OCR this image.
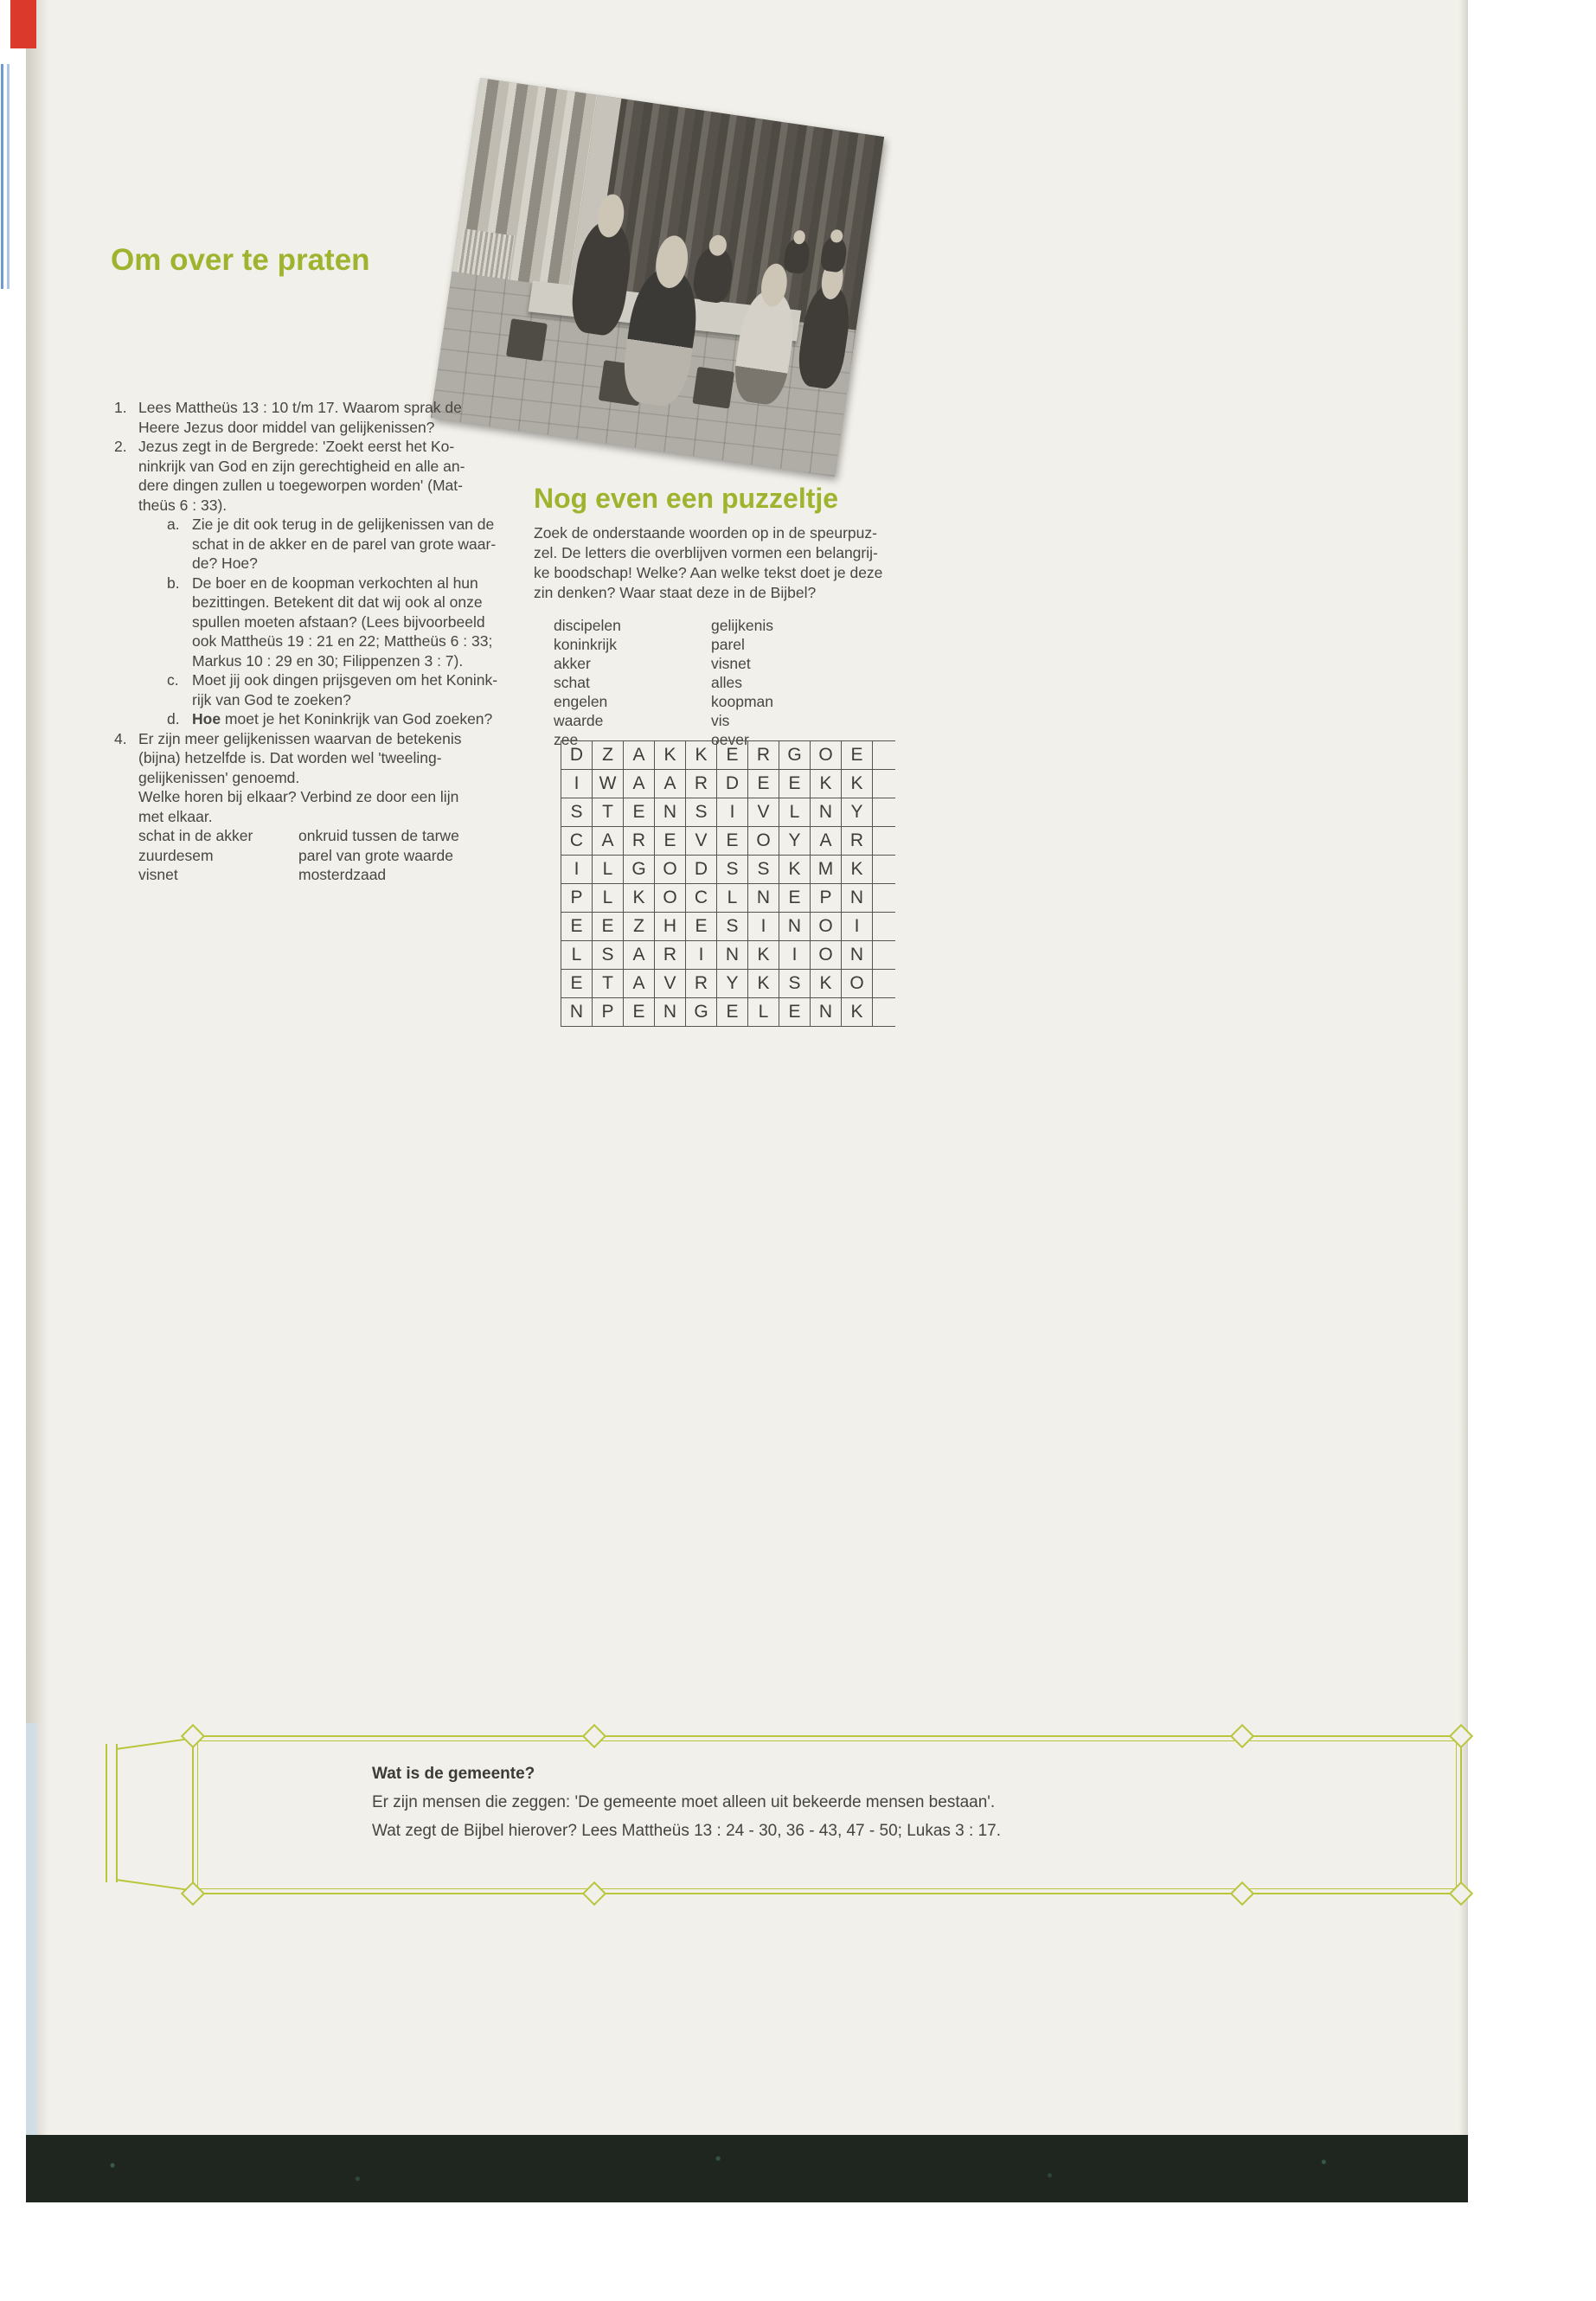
Om over te praten
1. Lees Mattheüs 13 : 10 t/m 17. Waarom sprak de
Heere Jezus door middel van gelijkenissen?
2. Jezus zegt in de Bergrede: 'Zoekt eerst het Ko-
ninkrijk van God en zijn gerechtigheid en alle an-
dere dingen zullen u toegeworpen worden' (Mat-
theüs 6 : 33).
a. Zie je dit ook terug in de gelijkenissen van de
schat in de akker en de parel van grote waar-
de? Hoe?
b. De boer en de koopman verkochten al hun
bezittingen. Betekent dit dat wij ook al onze
spullen moeten afstaan? (Lees bijvoorbeeld
ook Mattheüs 19 : 21 en 22; Mattheüs 6 : 33;
Markus 10 : 29 en 30; Filippenzen 3 : 7).
c. Moet jij ook dingen prijsgeven om het Konink-
rijk van God te zoeken?
d. Hoe moet je het Koninkrijk van God zoeken?
4. Er zijn meer gelijkenissen waarvan de betekenis
(bijna) hetzelfde is. Dat worden wel 'tweeling-
gelijkenissen' genoemd.
Welke horen bij elkaar? Verbind ze door een lijn
met elkaar.
schat in de akker	onkruid tussen de tarwe
zuurdesem	parel van grote waarde
visnet	mosterdzaad
Nog even een puzzeltje
Zoek de onderstaande woorden op in de speurpuz-
zel. De letters die overblijven vormen een belangrij-
ke boodschap! Welke? Aan welke tekst doet je deze
zin denken? Waar staat deze in de Bijbel?
discipelen	gelijkenis
koninkrijk	parel
akker	visnet
schat	alles
engelen	koopman
waarde	vis
zee	oever
D	Z	A	K	K	E	R	G	O	E	
I	W	A	A	R	D	E	E	K	K	
S	T	E	N	S	I	V	L	N	Y	
C	A	R	E	V	E	O	Y	A	R	
I	L	G	O	D	S	S	K	M	K	
P	L	K	O	C	L	N	E	P	N	
E	E	Z	H	E	S	I	N	O	I	
L	S	A	R	I	N	K	I	O	N	
E	T	A	V	R	Y	K	S	K	O	
N	P	E	N	G	E	L	E	N	K	
Wat is de gemeente?
Er zijn mensen die zeggen: 'De gemeente moet alleen uit bekeerde mensen bestaan'.
Wat zegt de Bijbel hierover? Lees Mattheüs 13 : 24 - 30, 36 - 43, 47 - 50; Lukas 3 : 17.
